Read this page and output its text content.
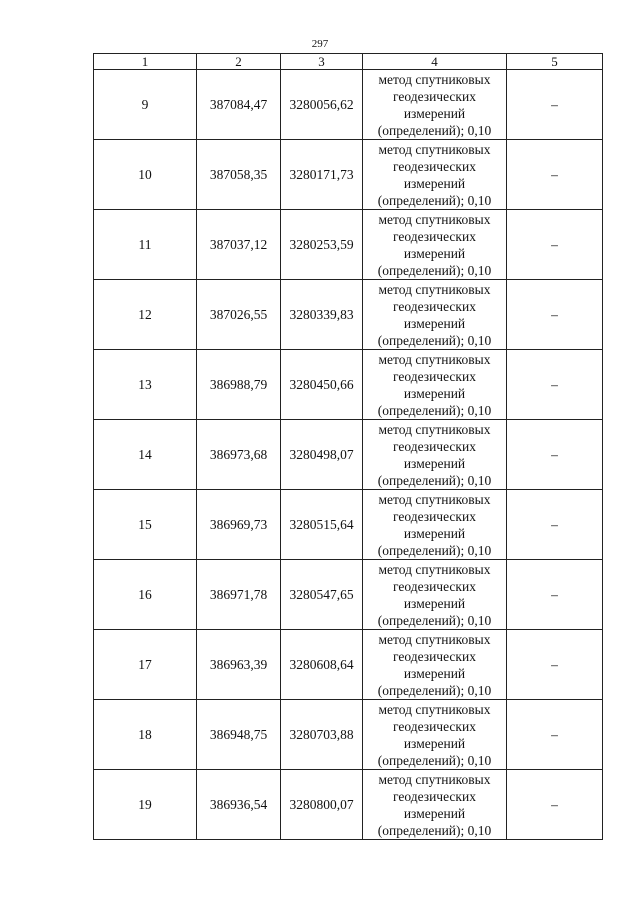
297
1	2	3	4	5
9	387084,47	3280056,62	метод спутниковых
геодезических
измерений
(определений); 0,10	–
10	387058,35	3280171,73	метод спутниковых
геодезических
измерений
(определений); 0,10	–
11	387037,12	3280253,59	метод спутниковых
геодезических
измерений
(определений); 0,10	–
12	387026,55	3280339,83	метод спутниковых
геодезических
измерений
(определений); 0,10	–
13	386988,79	3280450,66	метод спутниковых
геодезических
измерений
(определений); 0,10	–
14	386973,68	3280498,07	метод спутниковых
геодезических
измерений
(определений); 0,10	–
15	386969,73	3280515,64	метод спутниковых
геодезических
измерений
(определений); 0,10	–
16	386971,78	3280547,65	метод спутниковых
геодезических
измерений
(определений); 0,10	–
17	386963,39	3280608,64	метод спутниковых
геодезических
измерений
(определений); 0,10	–
18	386948,75	3280703,88	метод спутниковых
геодезических
измерений
(определений); 0,10	–
19	386936,54	3280800,07	метод спутниковых
геодезических
измерений
(определений); 0,10	–
